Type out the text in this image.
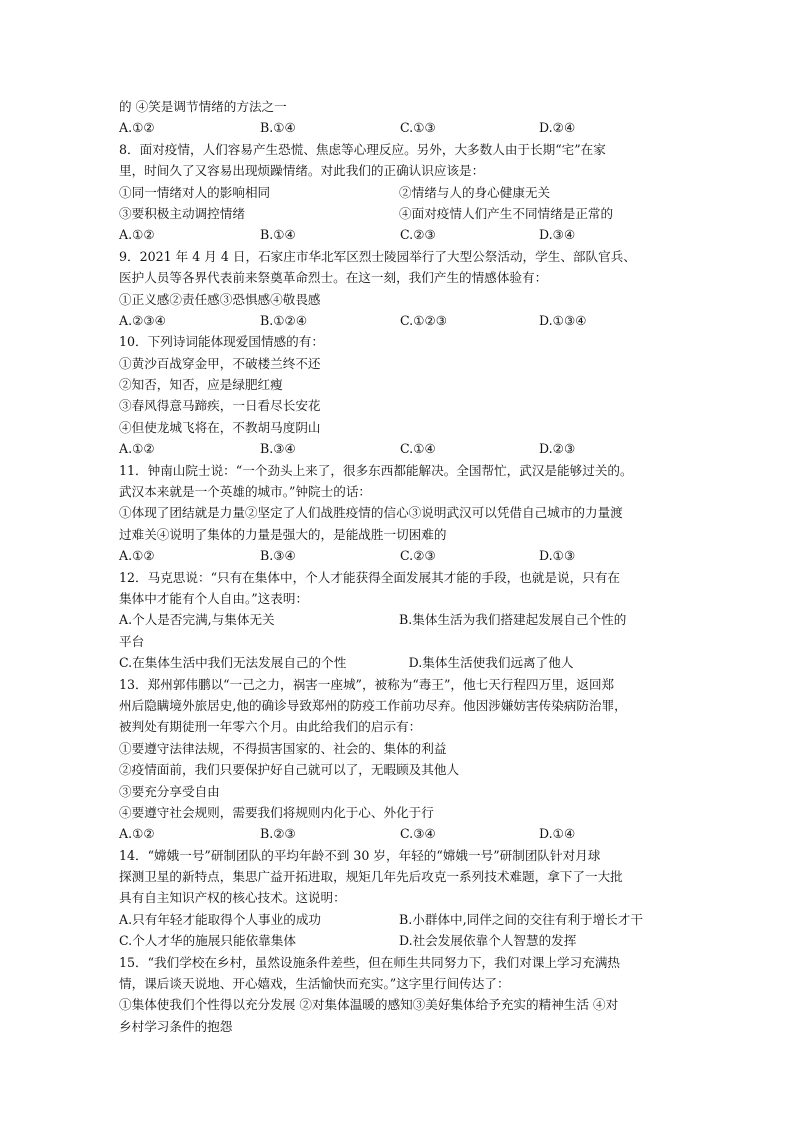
的 ④笑是调节情绪的方法之一
A.①②	B.①④	C.①③	D.②④
8．面对疫情，人们容易产生恐慌、焦虑等心理反应。另外，大多数人由于长期“宅”在家
里，时间久了又容易出现烦躁情绪。对此我们的正确认识应该是：
①同一情绪对人的影响相同	②情绪与人的身心健康无关
③要积极主动调控情绪	④面对疫情人们产生不同情绪是正常的
A.①②	B.①④	C.②③	D.③④
9．2021 年 4 月 4 日，石家庄市华北军区烈士陵园举行了大型公祭活动，学生、部队官兵、
医护人员等各界代表前来祭奠革命烈士。在这一刻，我们产生的情感体验有：
①正义感②责任感③恐惧感④敬畏感
A.②③④	B.①②④	C.①②③	D.①③④
10．下列诗词能体现爱国情感的有：
①黄沙百战穿金甲，不破楼兰终不还
②知否，知否，应是绿肥红瘦
③春风得意马蹄疾，一日看尽长安花
④但使龙城飞将在，不教胡马度阴山
A.①②	B.③④	C.①④	D.②③
11．钟南山院士说：“一个劲头上来了，很多东西都能解决。全国帮忙，武汉是能够过关的。
武汉本来就是一个英雄的城市。”钟院士的话：
①体现了团结就是力量②坚定了人们战胜疫情的信心③说明武汉可以凭借自己城市的力量渡
过难关④说明了集体的力量是强大的，是能战胜一切困难的
A.①②	B.③④	C.②③	D.①③
12．马克思说：“只有在集体中，个人才能获得全面发展其才能的手段，也就是说，只有在
集体中才能有个人自由。”这表明：
A.个人是否完满,与集体无关	B.集体生活为我们搭建起发展自己个性的
平台
C.在集体生活中我们无法发展自己的个性	D.集体生活使我们远离了他人
13．郑州郭伟鹏以“一己之力，祸害一座城”，被称为“毒王”，他七天行程四万里，返回郑
州后隐瞒境外旅居史,他的确诊导致郑州的防疫工作前功尽弃。他因涉嫌妨害传染病防治罪，
被判处有期徒刑一年零六个月。由此给我们的启示有：
①要遵守法律法规，不得损害国家的、社会的、集体的利益
②疫情面前，我们只要保护好自己就可以了，无暇顾及其他人
③要充分享受自由
④要遵守社会规则，需要我们将规则内化于心、外化于行
A.①②	B.②③	C.③④	D.①④
14．“嫦娥一号”研制团队的平均年龄不到 30 岁，年轻的“嫦娥一号”研制团队针对月球
探测卫星的新特点，集思广益开拓进取，规矩几年先后攻克一系列技术难题，拿下了一大批
具有自主知识产权的核心技术。这说明：
A.只有年轻才能取得个人事业的成功	B.小群体中,同伴之间的交往有利于增长才干
C.个人才华的施展只能依靠集体	D.社会发展依靠个人智慧的发挥
15．“我们学校在乡村，虽然设施条件差些，但在师生共同努力下，我们对课上学习充满热
情，课后谈天说地、开心嬉戏，生活愉快而充实。”这字里行间传达了：
①集体使我们个性得以充分发展 ②对集体温暖的感知③美好集体给予充实的精神生活 ④对
乡村学习条件的抱怨
